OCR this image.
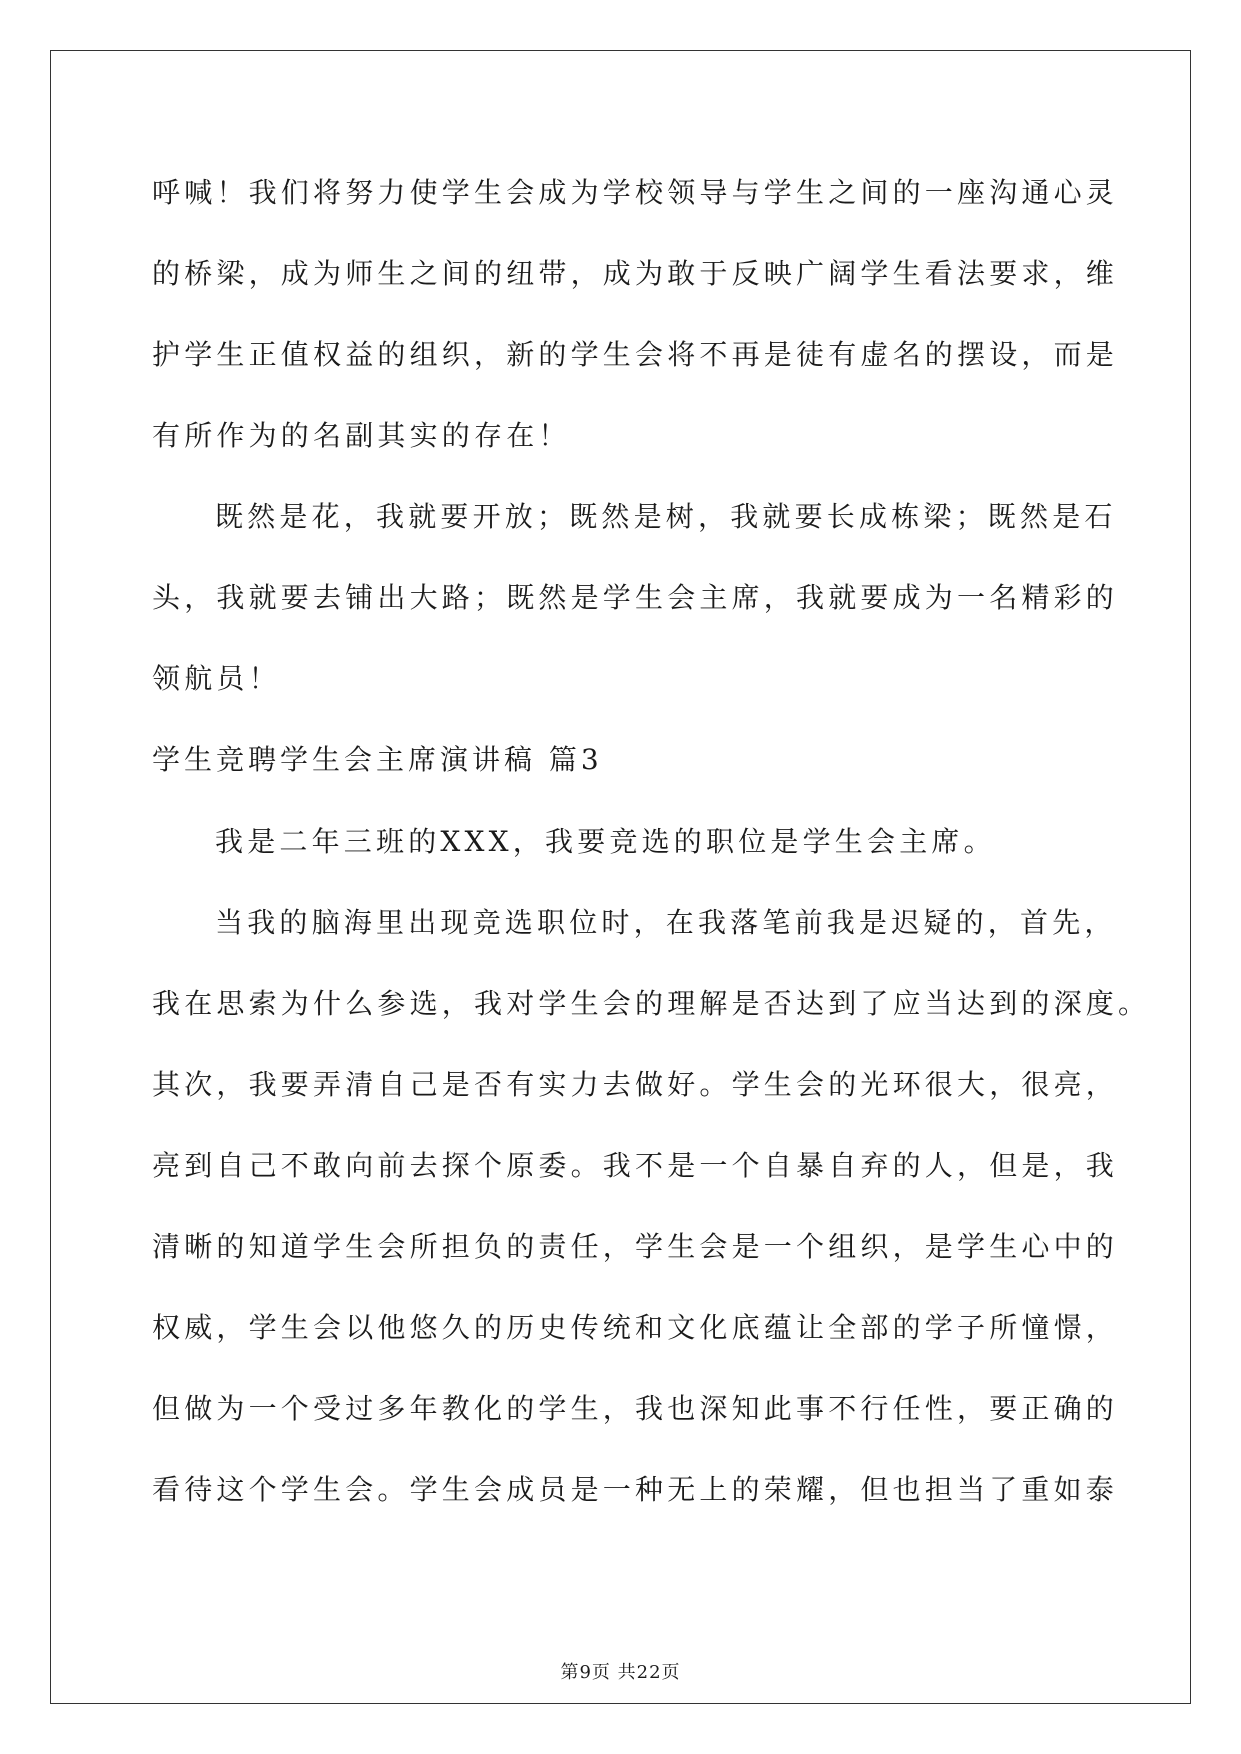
呼喊！我们将努力使学生会成为学校领导与学生之间的一座沟通心灵
的桥梁，成为师生之间的纽带，成为敢于反映广阔学生看法要求，维
护学生正值权益的组织，新的学生会将不再是徒有虚名的摆设，而是
有所作为的名副其实的存在！
既然是花，我就要开放；既然是树，我就要长成栋梁；既然是石
头，我就要去铺出大路；既然是学生会主席，我就要成为一名精彩的
领航员！
学生竞聘学生会主席演讲稿 篇3
我是二年三班的XXX，我要竞选的职位是学生会主席。
当我的脑海里出现竞选职位时，在我落笔前我是迟疑的，首先，
我在思索为什么参选，我对学生会的理解是否达到了应当达到的深度。
其次，我要弄清自己是否有实力去做好。学生会的光环很大，很亮，
亮到自己不敢向前去探个原委。我不是一个自暴自弃的人，但是，我
清晰的知道学生会所担负的责任，学生会是一个组织，是学生心中的
权威，学生会以他悠久的历史传统和文化底蕴让全部的学子所憧憬，
但做为一个受过多年教化的学生，我也深知此事不行任性，要正确的
看待这个学生会。学生会成员是一种无上的荣耀，但也担当了重如泰
第9页 共22页
